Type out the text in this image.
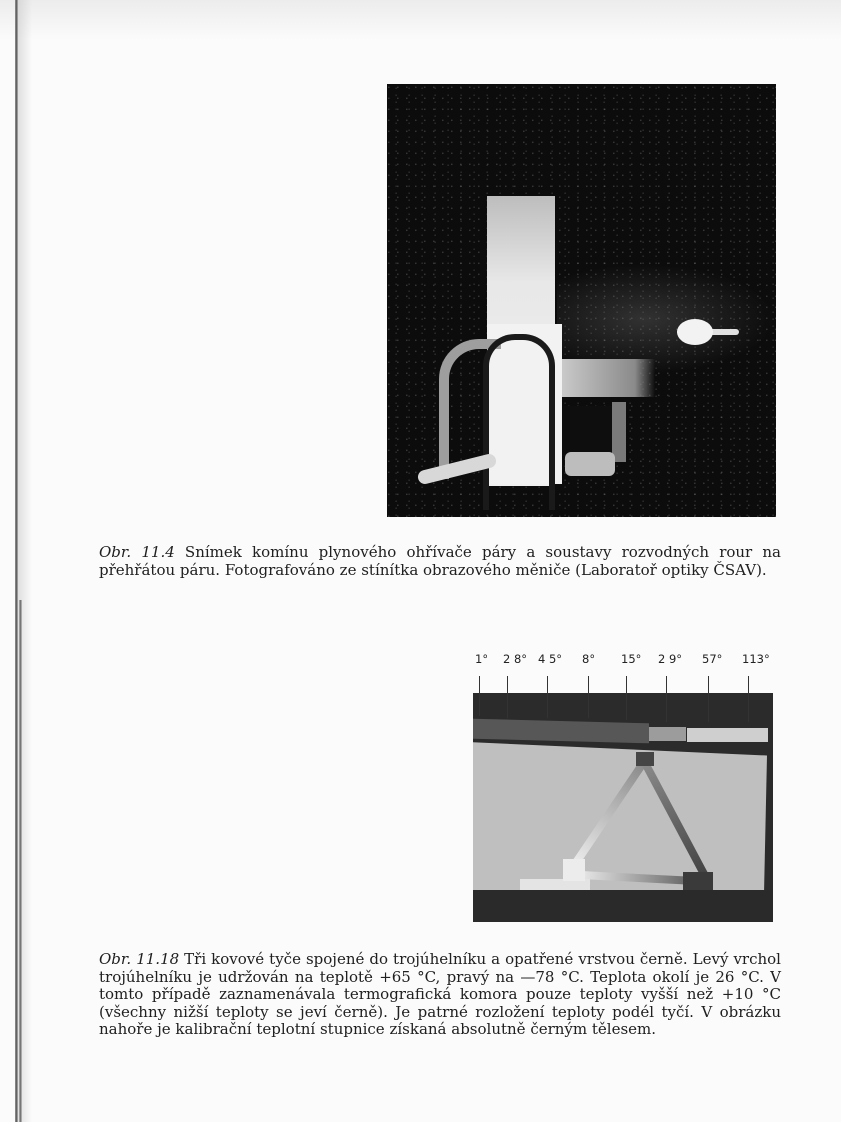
Obr. 11.4 Snímek komínu plynového ohřívače páry a soustavy rozvodných rour na přehřátou páru. Fotografováno ze stínítka obrazového měniče (Laboratoř optiky ČSAV).

1° 2 8° 4 5° 8° 15° 2 9° 57° 113°

Obr. 11.18 Tři kovové tyče spojené do trojúhelníku a opatřené vrstvou černě. Levý vrchol trojúhelníku je udržován na teplotě +65 °C, pravý na —78 °C. Teplota okolí je 26 °C. V tomto případě zaznamenávala termografická komora pouze teploty vyšší než +10 °C (všechny nižší teploty se jeví černě). Je patrné rozložení teploty podél tyčí. V obrázku nahoře je kalibrační teplotní stupnice získaná absolutně černým tělesem.
